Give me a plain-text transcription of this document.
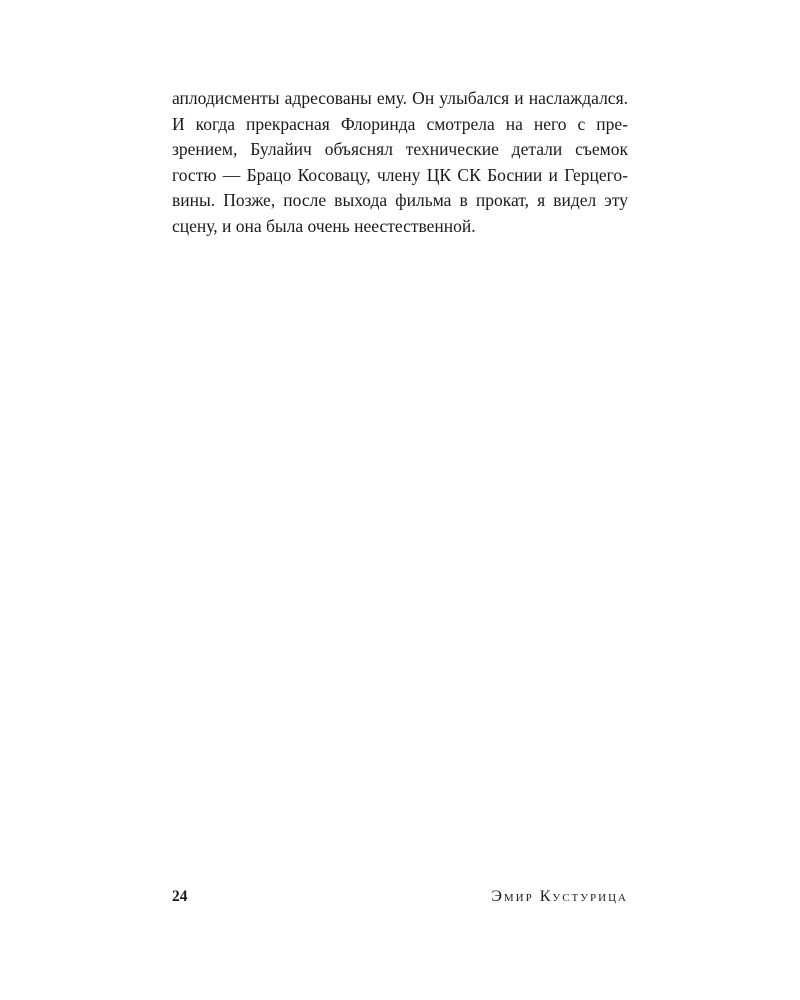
аплодисменты адресованы ему. Он улыбался и наслаждался.
И когда прекрасная Флоринда смотрела на него с пре-
зрением, Булайич объяснял технические детали съемок
гостю — Брацо Косовацу, члену ЦК СК Боснии и Герцего-
вины. Позже, после выхода фильма в прокат, я видел эту
сцену, и она была очень неестественной.
24	Эмир Кустурица
